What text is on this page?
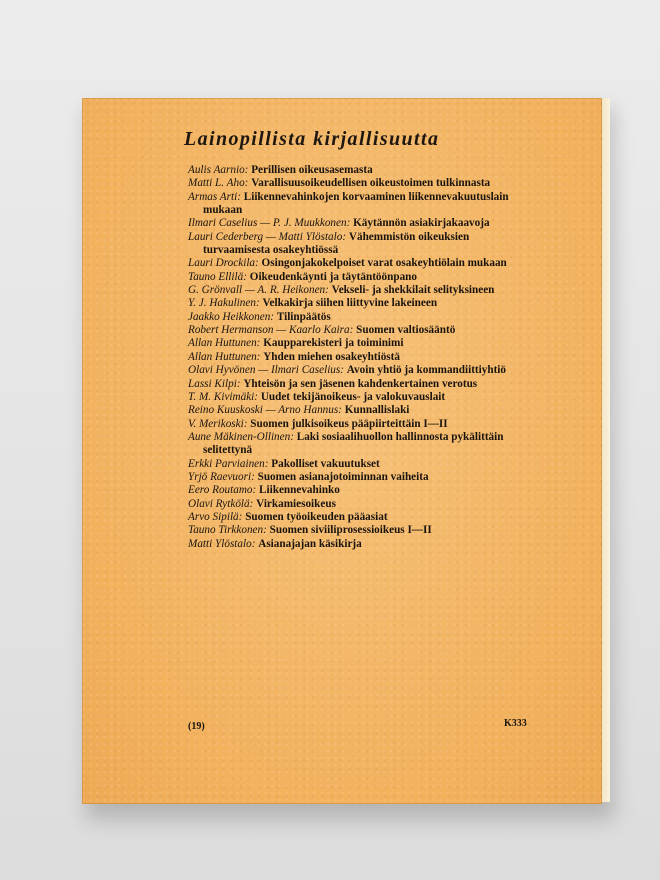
Lainopillista kirjallisuutta
Aulis Aarnio: Perillisen oikeusasemasta
Matti L. Aho: Varallisuusoikeudellisen oikeustoimen tulkinnasta
Armas Arti: Liikennevahinkojen korvaaminen liikennevakuutuslain mukaan
Ilmari Caselius — P. J. Muukkonen: Käytännön asiakirjakaavoja
Lauri Cederberg — Matti Ylöstalo: Vähemmistön oikeuksien turvaamisesta osakeyhtiössä
Lauri Drockila: Osingonjakokelpoiset varat osakeyhtiölain mukaan
Tauno Ellilä: Oikeudenkäynti ja täytäntöönpano
G. Grönvall — A. R. Heikonen: Vekseli- ja shekkilait selityksineen
Y. J. Hakulinen: Velkakirja siihen liittyvine lakeineen
Jaakko Heikkonen: Tilinpäätös
Robert Hermanson — Kaarlo Kaira: Suomen valtiosääntö
Allan Huttunen: Kaupparekisteri ja toiminimi
Allan Huttunen: Yhden miehen osakeyhtiöstä
Olavi Hyvönen — Ilmari Caselius: Avoin yhtiö ja kommandiittiyhtiö
Lassi Kilpi: Yhteisön ja sen jäsenen kahdenkertainen verotus
T. M. Kivimäki: Uudet tekijänoikeus- ja valokuvauslait
Reino Kuuskoski — Arno Hannus: Kunnallislaki
V. Merikoski: Suomen julkisoikeus pääpiirteittäin I—II
Aune Mäkinen-Ollinen: Laki sosiaalihuollon hallinnosta pykälittäin selitettynä
Erkki Parviainen: Pakolliset vakuutukset
Yrjö Raevuori: Suomen asianajotoiminnan vaiheita
Eero Routamo: Liikennevahinko
Olavi Rytkölä: Virkamiesoikeus
Arvo Sipilä: Suomen työoikeuden pääasiat
Tauno Tirkkonen: Suomen siviiliprosessioikeus I—II
Matti Ylöstalo: Asianajajan käsikirja
(19)	K333
